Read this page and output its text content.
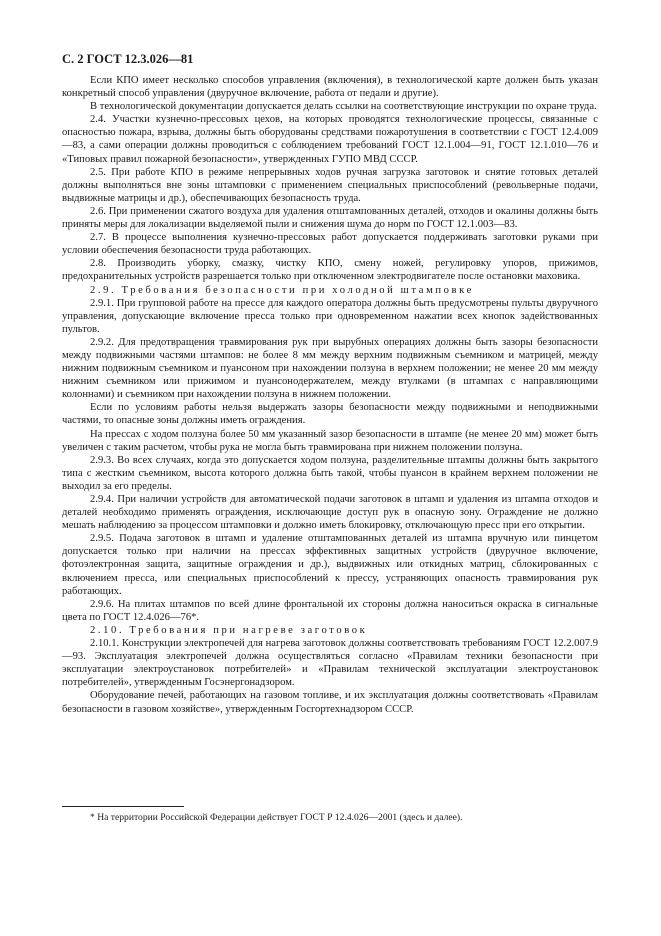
С. 2 ГОСТ 12.3.026—81

Если КПО имеет несколько способов управления (включения), в технологической карте должен быть указан конкретный способ управления (двуручное включение, работа от педали и другие).

В технологической документации допускается делать ссылки на соответствующие инструкции по охране труда.

2.4. Участки кузнечно-прессовых цехов, на которых проводятся технологические процессы, связанные с опасностью пожара, взрыва, должны быть оборудованы средствами пожаротушения в соответствии с ГОСТ 12.4.009—83, а сами операции должны проводиться с соблюдением требований ГОСТ 12.1.004—91, ГОСТ 12.1.010—76 и «Типовых правил пожарной безопасности», утвержденных ГУПО МВД СССР.

2.5. При работе КПО в режиме непрерывных ходов ручная загрузка заготовок и снятие готовых деталей должны выполняться вне зоны штамповки с применением специальных приспособлений (револьверные подачи, выдвижные матрицы и др.), обеспечивающих безопасность труда.

2.6. При применении сжатого воздуха для удаления отштампованных деталей, отходов и окалины должны быть приняты меры для локализации выделяемой пыли и снижения шума до норм по ГОСТ 12.1.003—83.

2.7. В процессе выполнения кузнечно-прессовых работ допускается поддерживать заготовки руками при условии обеспечения безопасности труда работающих.

2.8. Производить уборку, смазку, чистку КПО, смену ножей, регулировку упоров, прижимов, предохранительных устройств разрешается только при отключенном электродвигателе после остановки маховика.

2.9. Требования безопасности при холодной штамповке

2.9.1. При групповой работе на прессе для каждого оператора должны быть предусмотрены пульты двуручного управления, допускающие включение пресса только при одновременном нажатии всех кнопок задействованных пультов.

2.9.2. Для предотвращения травмирования рук при вырубных операциях должны быть зазоры безопасности между подвижными частями штампов: не более 8 мм между верхним подвижным съемником и матрицей, между нижним подвижным съемником и пуансоном при нахождении ползуна в верхнем положении; не менее 20 мм между нижним съемником или прижимом и пуансонодержателем, между втулками (в штампах с направляющими колоннами) и съемником при нахождении ползуна в нижнем положении.

Если по условиям работы нельзя выдержать зазоры безопасности между подвижными и неподвижными частями, то опасные зоны должны иметь ограждения.

На прессах с ходом ползуна более 50 мм указанный зазор безопасности в штампе (не менее 20 мм) может быть увеличен с таким расчетом, чтобы рука не могла быть травмирована при нижнем положении ползуна.

2.9.3. Во всех случаях, когда это допускается ходом ползуна, разделительные штампы должны быть закрытого типа с жестким съемником, высота которого должна быть такой, чтобы пуансон в крайнем верхнем положении не выходил за его пределы.

2.9.4. При наличии устройств для автоматической подачи заготовок в штамп и удаления из штампа отходов и деталей необходимо применять ограждения, исключающие доступ рук в опасную зону. Ограждение не должно мешать наблюдению за процессом штамповки и должно иметь блокировку, отключающую пресс при его открытии.

2.9.5. Подача заготовок в штамп и удаление отштампованных деталей из штампа вручную или пинцетом допускается только при наличии на прессах эффективных защитных устройств (двуручное включение, фотоэлектронная защита, защитные ограждения и др.), выдвижных или откидных матриц, сблокированных с включением пресса, или специальных приспособлений к прессу, устраняющих опасность травмирования рук работающих.

2.9.6. На плитах штампов по всей длине фронтальной их стороны должна наноситься окраска в сигнальные цвета по ГОСТ 12.4.026—76*.

2.10. Требования при нагреве заготовок

2.10.1. Конструкции электропечей для нагрева заготовок должны соответствовать требованиям ГОСТ 12.2.007.9—93. Эксплуатация электропечей должна осуществляться согласно «Правилам техники безопасности при эксплуатации электроустановок потребителей» и «Правилам технической эксплуатации электроустановок потребителей», утвержденным Госэнергонадзором.

Оборудование печей, работающих на газовом топливе, и их эксплуатация должны соответствовать «Правилам безопасности в газовом хозяйстве», утвержденным Госгортехнадзором СССР.

* На территории Российской Федерации действует ГОСТ Р 12.4.026—2001 (здесь и далее).
